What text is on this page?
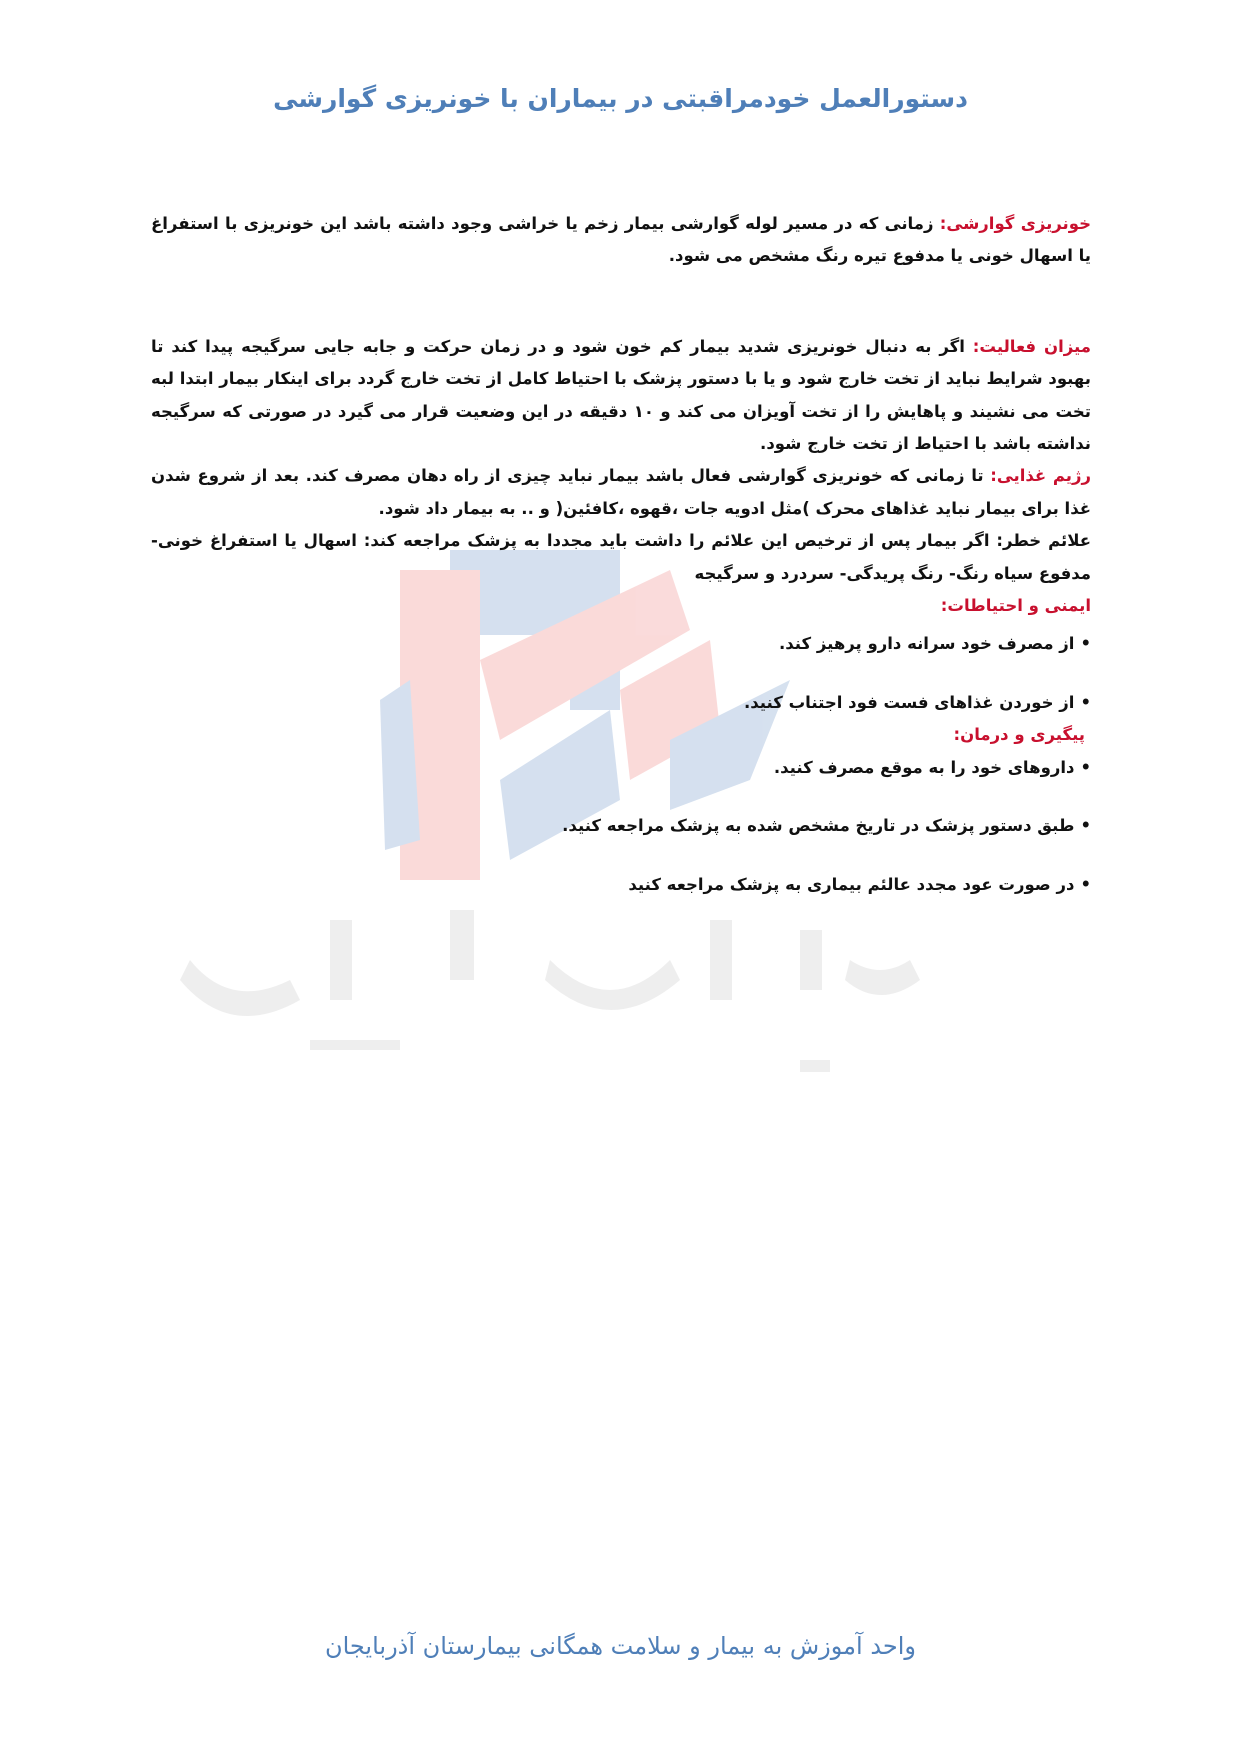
دستورالعمل خودمراقبتی در بیماران با خونریزی گوارشی

خونریزی گوارشی: زمانی که در مسیر لوله گوارشی بیمار زخم یا خراشی وجود داشته باشد این خونریزی با استفراغ یا اسهال خونی یا مدفوع تیره رنگ مشخص می شود.

میزان فعالیت: اگر به دنبال خونریزی شدید بیمار کم خون شود و در زمان حرکت و جابه جایی سرگیجه پیدا کند تا بهبود شرایط نباید از تخت خارج شود و یا با دستور پزشک با احتیاط کامل از تخت خارج گردد برای اینکار بیمار ابتدا لبه تخت می نشیند و پاهایش را از تخت آویزان می کند و ۱۰ دقیقه در این وضعیت قرار می گیرد در صورتی که سرگیجه نداشته باشد با احتیاط از تخت خارج شود.

رژیم غذایی: تا زمانی که خونریزی گوارشی فعال باشد بیمار نباید چیزی از راه دهان مصرف کند. بعد از شروع شدن غذا برای بیمار نباید غذاهای محرک )مثل ادویه جات ،قهوه ،کافئین( و .. به بیمار داد شود.

علائم خطر: اگر بیمار پس از ترخیص این علائم را داشت باید مجددا به پزشک مراجعه کند: اسهال یا استفراغ خونی- مدفوع سیاه رنگ- رنگ پریدگی- سردرد و سرگیجه

ایمنی و احتیاطات:

•از مصرف خود سرانه دارو پرهیز کند.
•از خوردن غذاهای فست فود اجتناب کنید.

پیگیری و درمان:

•داروهای خود را به موقع مصرف کنید.
•طبق دستور پزشک در تاریخ مشخص شده به پزشک مراجعه کنید.
•در صورت عود مجدد عالئم بیماری به پزشک مراجعه کنید
واحد آموزش به بیمار و سلامت همگانی بیمارستان آذربایجان
